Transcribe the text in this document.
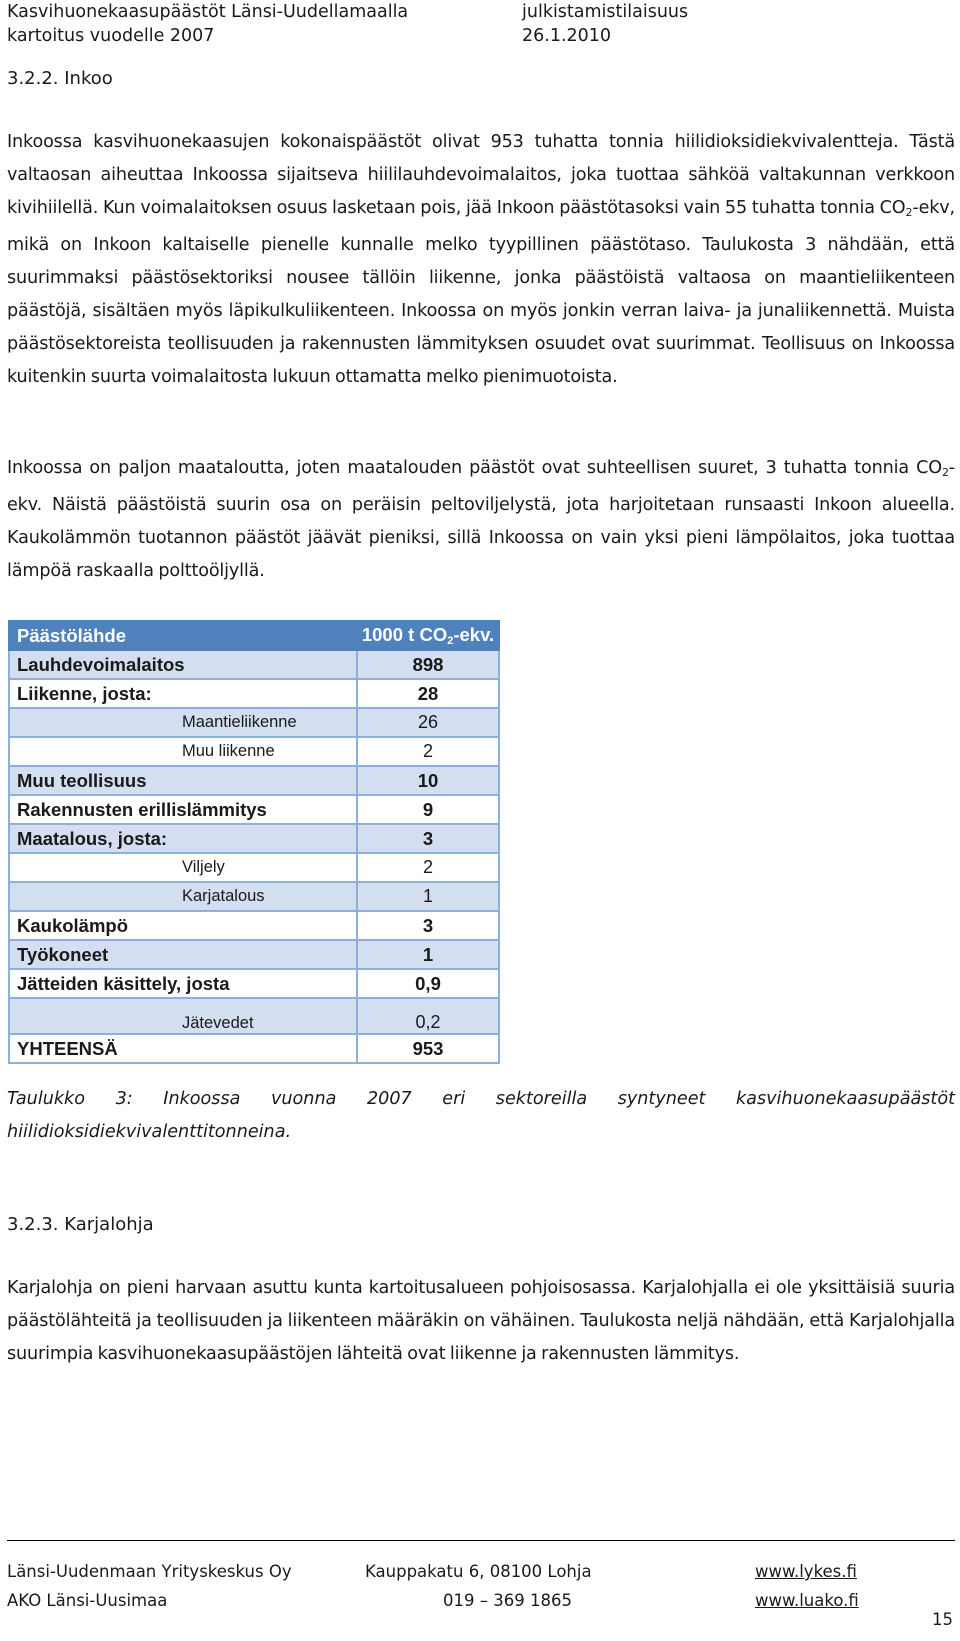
Kasvihuonekaasupäästöt Länsi-Uudellamaalla
kartoitus vuodelle 2007
julkistamistilaisuus
26.1.2010
3.2.2. Inkoo
Inkoossa kasvihuonekaasujen kokonaispäästöt olivat 953 tuhatta tonnia hiilidioksidiekvivalentteja. Tästä valtaosan aiheuttaa Inkoossa sijaitseva hiililauhdevoimalaitos, joka tuottaa sähköä valtakunnan verkkoon kivihiilellä. Kun voimalaitoksen osuus lasketaan pois, jää Inkoon päästötasoksi vain 55 tuhatta tonnia $CO_2$-ekv, mikä on Inkoon kaltaiselle pienelle kunnalle melko tyypillinen päästötaso. Taulukosta 3 nähdään, että suurimmaksi päästösektoriksi nousee tällöin liikenne, jonka päästöistä valtaosa on maantieliikenteen päästöjä, sisältäen myös läpikulkuliikenteen. Inkoossa on myös jonkin verran laiva- ja junaliikennettä. Muista päästösektoreista teollisuuden ja rakennusten lämmityksen osuudet ovat suurimmat. Teollisuus on Inkoossa kuitenkin suurta voimalaitosta lukuun ottamatta melko pienimuotoista.
Inkoossa on paljon maataloutta, joten maatalouden päästöt ovat suhteellisen suuret, 3 tuhatta tonnia $CO_2$-ekv. Näistä päästöistä suurin osa on peräisin peltoviljelystä, jota harjoitetaan runsaasti Inkoon alueella. Kaukolämmön tuotannon päästöt jäävät pieniksi, sillä Inkoossa on vain yksi pieni lämpölaitos, joka tuottaa lämpöä raskaalla polttoöljyllä.
Päästölähde	1000 t $CO_2$-ekv.
Lauhdevoimalaitos	898
Liikenne, josta:	28
Maantieliikenne	26
Muu liikenne	2
Muu teollisuus	10
Rakennusten erillislämmitys	9
Maatalous, josta:	3
Viljely	2
Karjatalous	1
Kaukolämpö	3
Työkoneet	1
Jätteiden käsittely, josta	0,9
Jätevedet	0,2
YHTEENSÄ	953
Taulukko 3: Inkoossa vuonna 2007 eri sektoreilla syntyneet kasvihuonekaasupäästöt
hiilidioksidiekvivalenttitonneina.
3.2.3. Karjalohja
Karjalohja on pieni harvaan asuttu kunta kartoitusalueen pohjoisosassa. Karjalohjalla ei ole yksittäisiä suuria päästölähteitä ja teollisuuden ja liikenteen määräkin on vähäinen. Taulukosta neljä nähdään, että Karjalohjalla suurimpia kasvihuonekaasupäästöjen lähteitä ovat liikenne ja rakennusten lämmitys.
Länsi-Uudenmaan Yrityskeskus Oy	Kauppakatu 6, 08100 Lohja	www.lykes.fi
AKO Länsi-Uusimaa	019 – 369 1865	www.luako.fi
15
